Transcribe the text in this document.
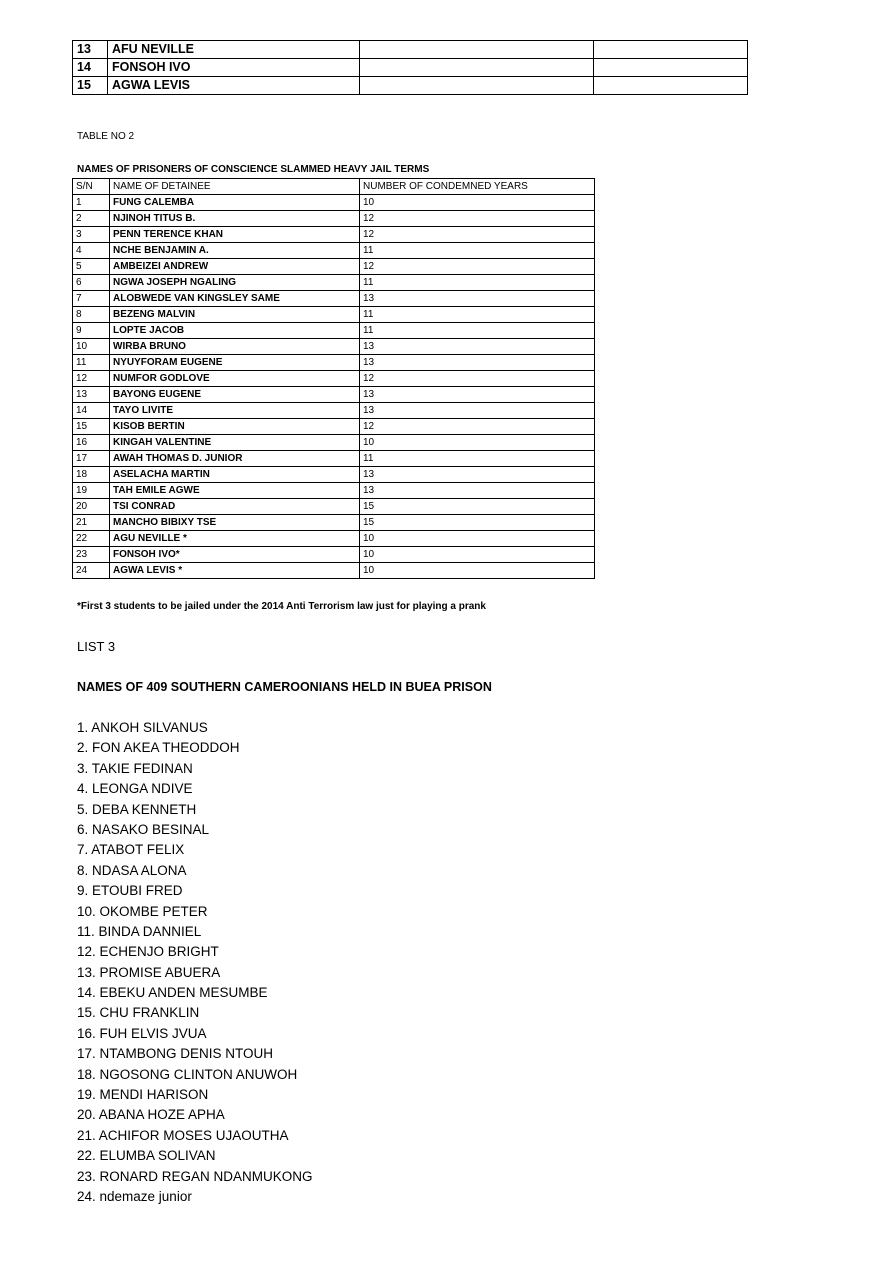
13	AFU NEVILLE		
14	FONSOH IVO		
15	AGWA LEVIS		
TABLE NO 2
NAMES OF PRISONERS OF CONSCIENCE SLAMMED HEAVY JAIL TERMS
S/N	NAME OF DETAINEE	NUMBER OF CONDEMNED YEARS
1	FUNG CALEMBA	10
2	NJINOH TITUS B.	12
3	PENN TERENCE KHAN	12
4	NCHE BENJAMIN A.	11
5	AMBEIZEI ANDREW	12
6	NGWA JOSEPH NGALING	11
7	ALOBWEDE VAN KINGSLEY SAME	13
8	BEZENG MALVIN	11
9	LOPTE JACOB	11
10	WIRBA BRUNO	13
11	NYUYFORAM EUGENE	13
12	NUMFOR GODLOVE	12
13	BAYONG EUGENE	13
14	TAYO LIVITE	13
15	KISOB BERTIN	12
16	KINGAH VALENTINE	10
17	AWAH THOMAS D. JUNIOR	11
18	ASELACHA MARTIN	13
19	TAH EMILE AGWE	13
20	TSI CONRAD	15
21	MANCHO BIBIXY TSE	15
22	AGU NEVILLE *	10
23	FONSOH IVO*	10
24	AGWA LEVIS *	10
*First 3 students to be jailed under the 2014 Anti Terrorism law just for playing a prank
LIST 3
NAMES OF 409 SOUTHERN CAMEROONIANS HELD IN BUEA PRISON
1. ANKOH SILVANUS
2. FON AKEA THEODDOH
3. TAKIE FEDINAN
4. LEONGA NDIVE
5. DEBA KENNETH
6. NASAKO BESINAL
7. ATABOT FELIX
8. NDASA ALONA
9. ETOUBI FRED
10. OKOMBE PETER
11. BINDA DANNIEL
12. ECHENJO BRIGHT
13. PROMISE ABUERA
14. EBEKU ANDEN MESUMBE
15. CHU FRANKLIN
16. FUH ELVIS JVUA
17. NTAMBONG DENIS NTOUH
18. NGOSONG CLINTON ANUWOH
19. MENDI HARISON
20. ABANA HOZE APHA
21. ACHIFOR MOSES UJAOUTHA
22. ELUMBA SOLIVAN
23. RONARD REGAN NDANMUKONG
24. ndemaze junior
